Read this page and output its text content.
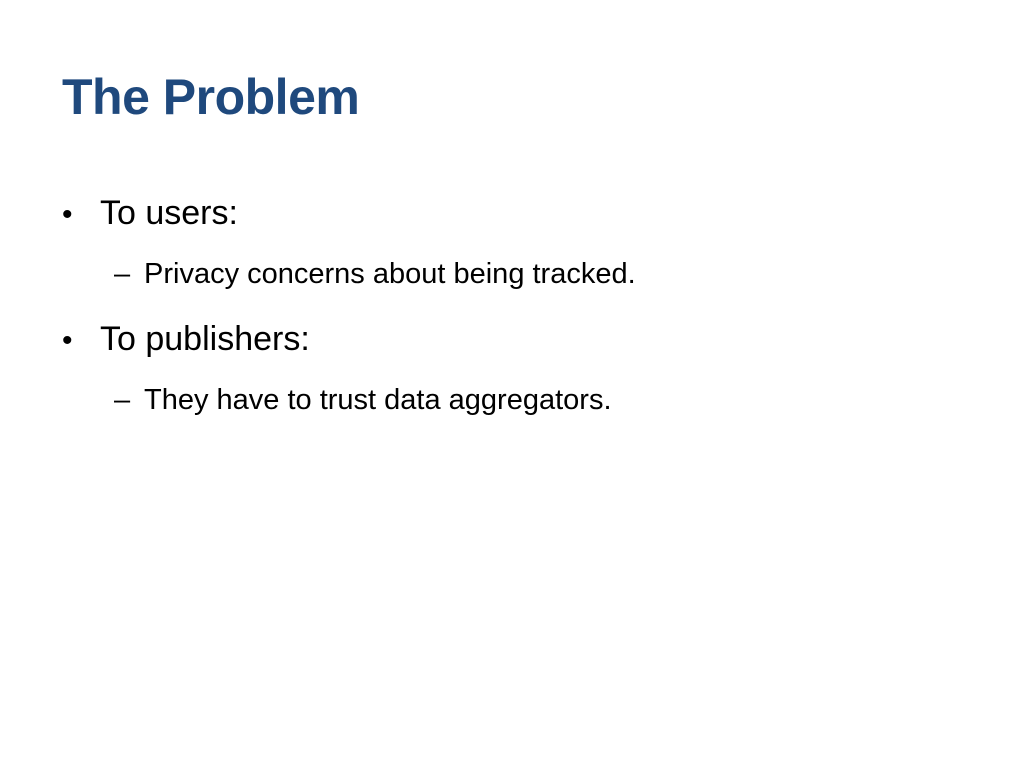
The Problem
• To users:
– Privacy concerns about being tracked.
• To publishers:
– They have to trust data aggregators.
